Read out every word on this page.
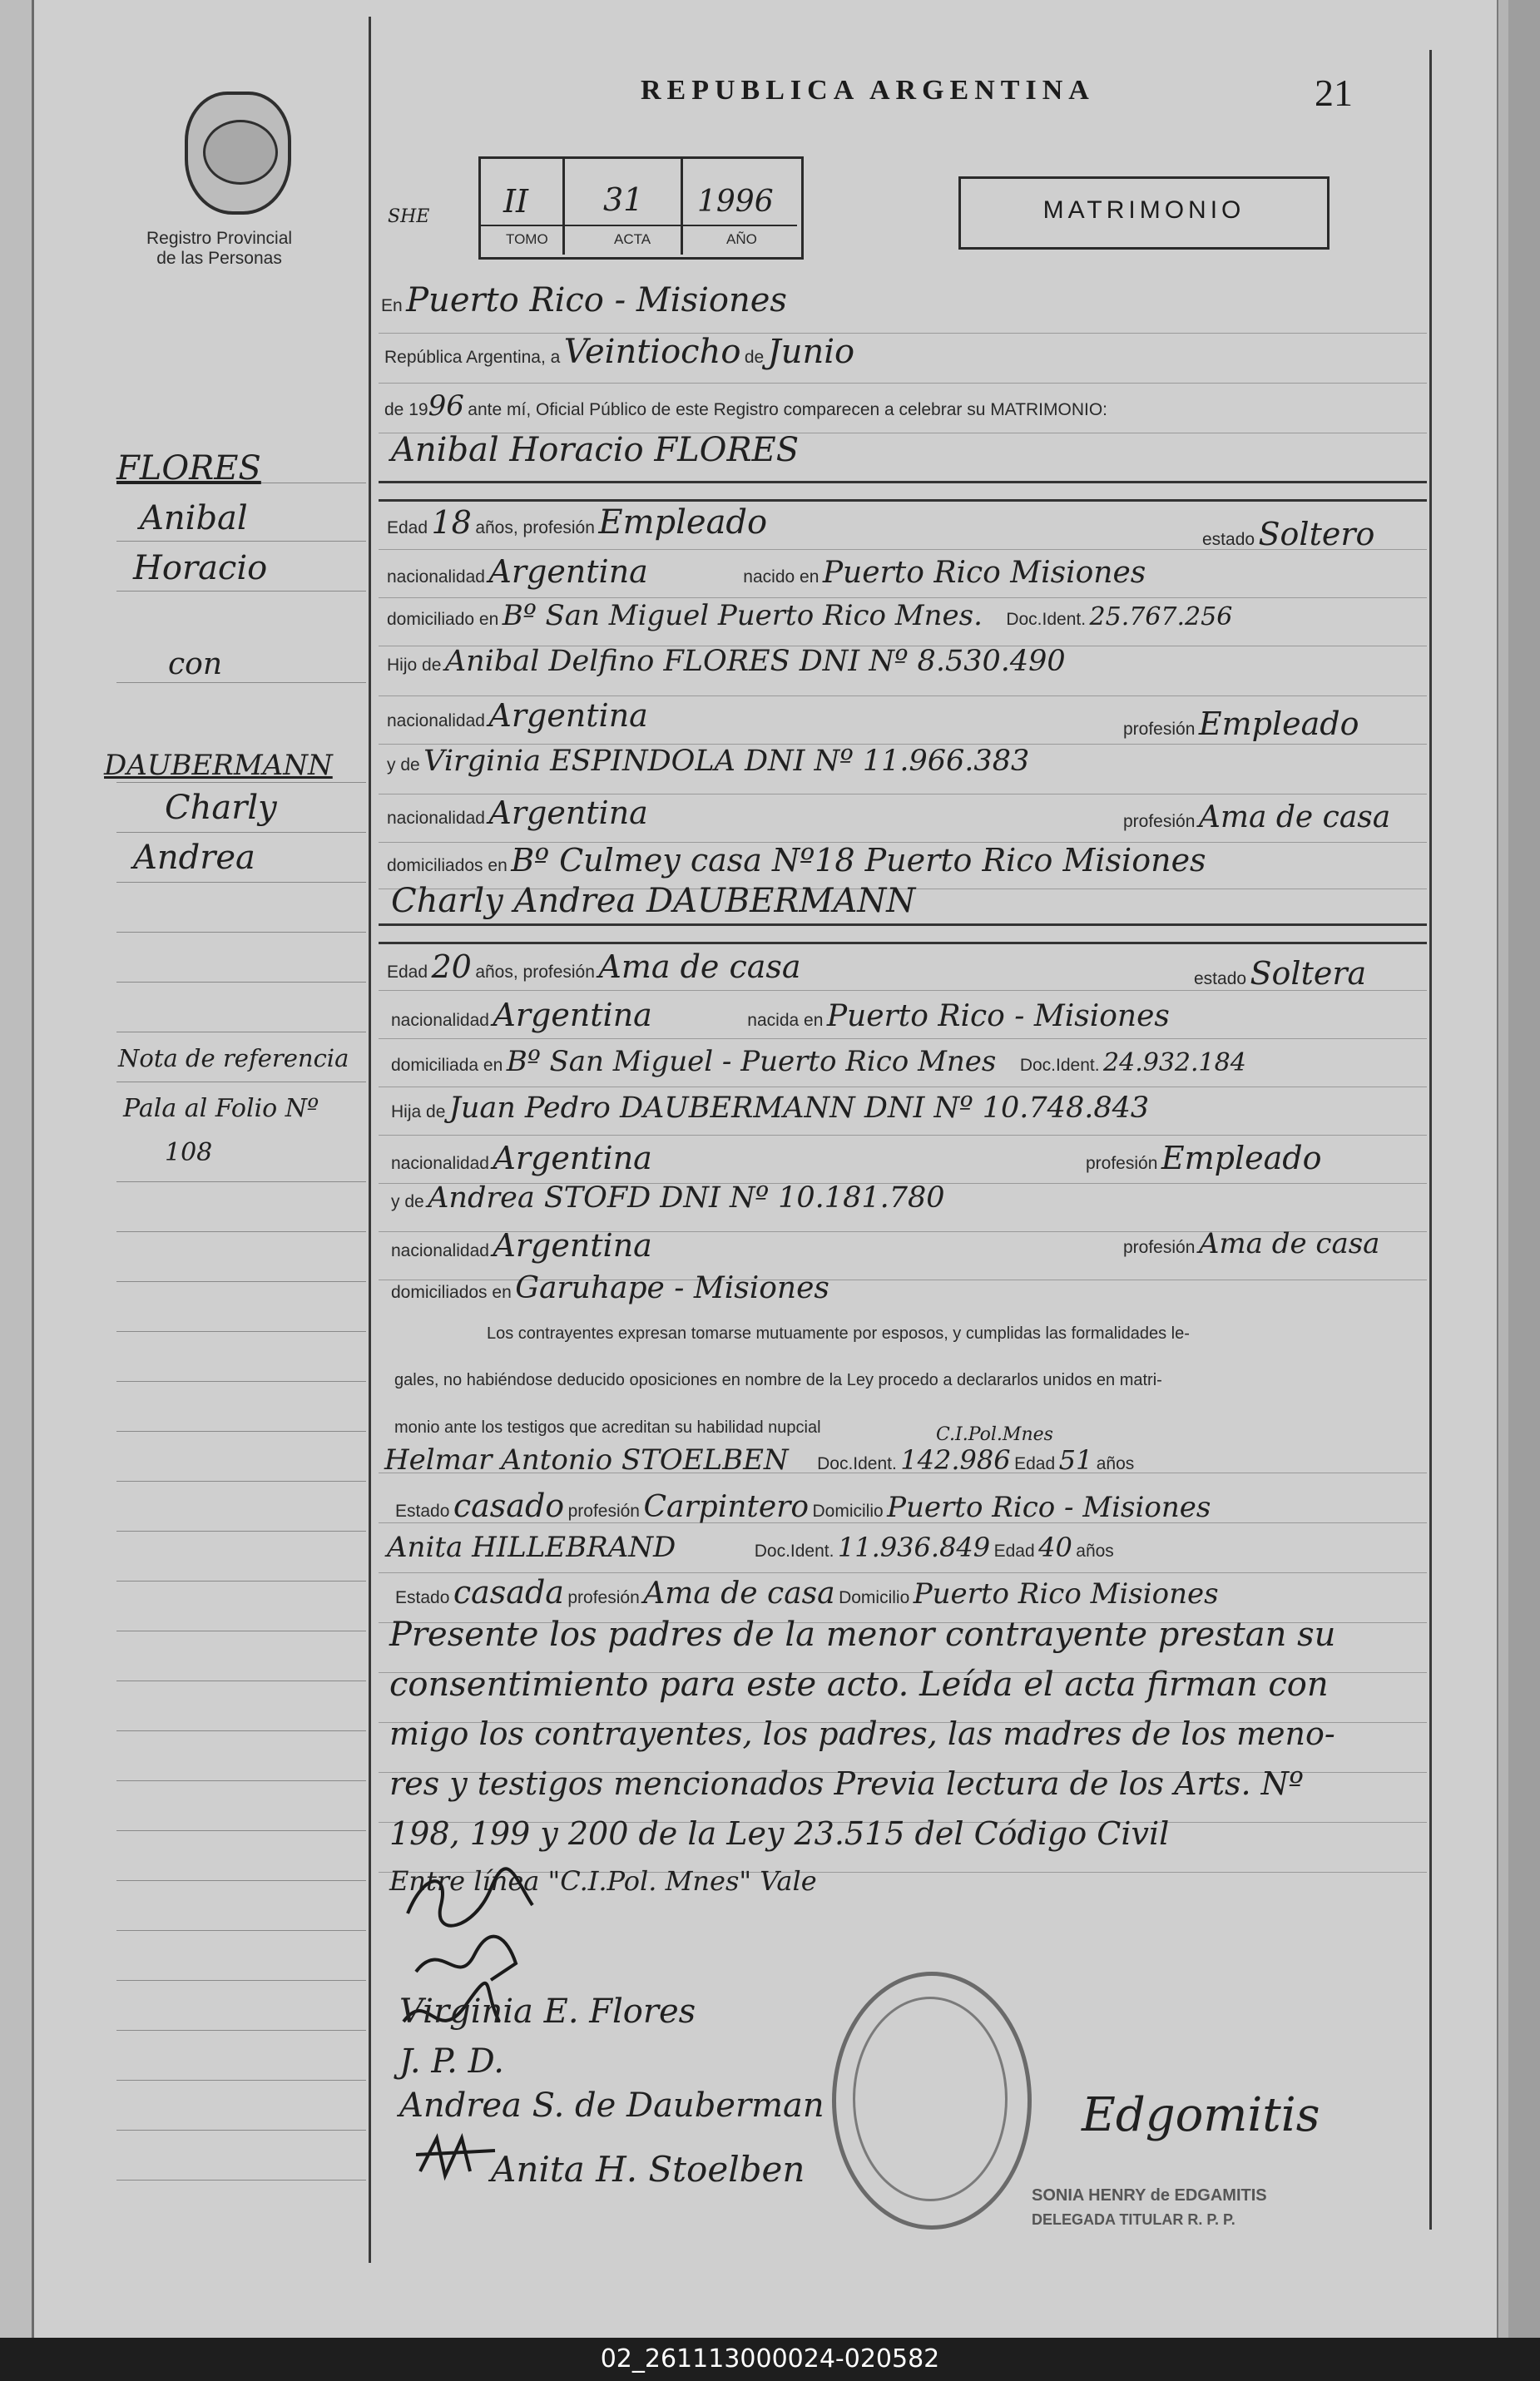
Registro Provincial
de las Personas
REPUBLICA ARGENTINA	21
SHE II 31 1996
TOMO	ACTA	AÑO
MATRIMONIO
FLORES
Anibal
Horacio
con
DAUBERMANN
Charly
Andrea
Nota de referencia
Pala al Folio Nº
108
En Puerto Rico - Misiones
República Argentina, a Veintiocho de Junio
de 1996 ante mí, Oficial Público de este Registro comparecen a celebrar su MATRIMONIO:
Anibal Horacio FLORES
Edad 18 años, profesión Empleado	estado Soltero
nacionalidad Argentina	nacido en Puerto Rico Misiones
domiciliado en Bº San Miguel Puerto Rico Mnes. Doc.Ident. 25.767.256
Hijo de Anibal Delfino FLORES DNI Nº 8.530.490
nacionalidad Argentina	profesión Empleado
y de Virginia ESPINDOLA DNI Nº 11.966.383
nacionalidad Argentina	profesión Ama de casa
domiciliados en Bº Culmey casa Nº18 Puerto Rico Misiones
Charly Andrea DAUBERMANN
Edad 20 años, profesión Ama de casa	estado Soltera
nacionalidad Argentina	nacida en Puerto Rico - Misiones
domiciliada en Bº San Miguel - Puerto Rico Mnes Doc.Ident. 24.932.184
Hija de Juan Pedro DAUBERMANN DNI Nº 10.748.843
nacionalidad Argentina	profesión Empleado
y de Andrea STOFD DNI Nº 10.181.780
nacionalidad Argentina	profesión Ama de casa
domiciliados en Garuhape - Misiones
Los contrayentes expresan tomarse mutuamente por esposos, y cumplidas las formalidades le-
gales, no habiéndose deducido oposiciones en nombre de la Ley procedo a declararlos unidos en matri-
monio ante los testigos que acreditan su habilidad nupcial	C.I.Pol.Mnes
Helmar Antonio STOELBEN Doc.Ident. 142.986 Edad 51 años
Estado casado profesión Carpintero Domicilio Puerto Rico - Misiones
Anita HILLEBRAND	Doc.Ident. 11.936.849 Edad 40 años
Estado casada profesión Ama de casa Domicilio Puerto Rico Misiones
Presente los padres de la menor contrayente prestan su
consentimiento para este acto. Leída el acta firman con
migo los contrayentes, los padres, las madres de los meno-
res y testigos mencionados Previa lectura de los Arts. Nº
198, 199 y 200 de la Ley 23.515 del Código Civil
Entre línea "C.I.Pol. Mnes" Vale
Virginia E. Flores
J. P. D.
Andrea S. de Dauberman
Anita H. Stoelben
Edgomitis
SONIA HENRY de EDGAMITIS
DELEGADA TITULAR R. P. P.
02_261113000024-020582
